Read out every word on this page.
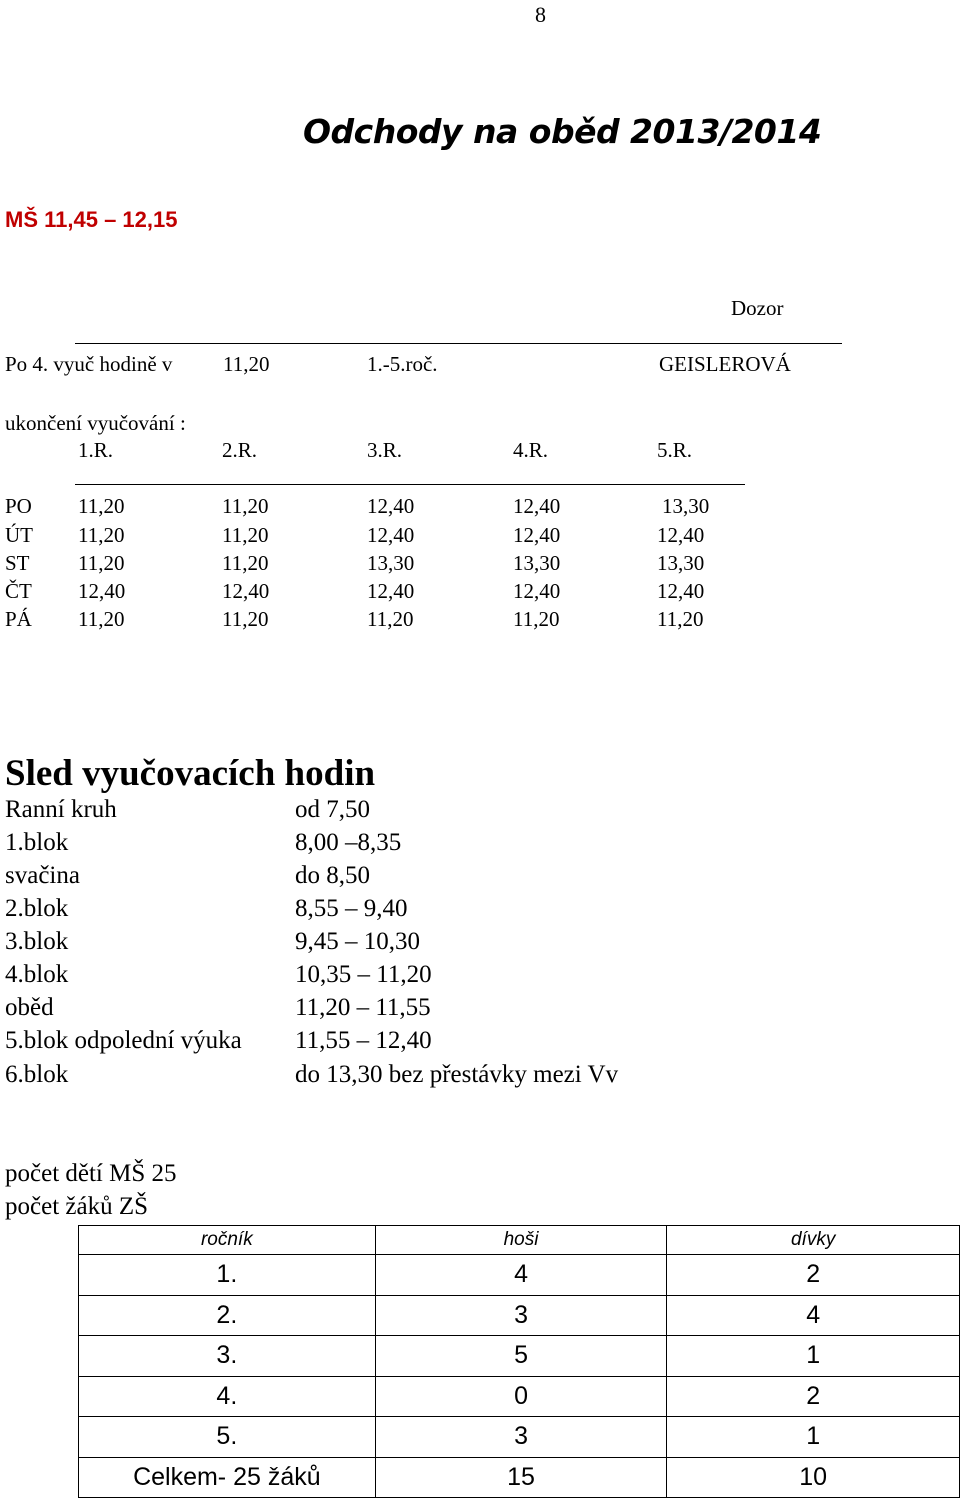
8
Odchody na oběd 2013/2014
MŠ 11,45 – 12,15
Dozor
Po 4. vyuč hodině v 11,20	1.-5.roč.	GEISLEROVÁ
ukončení vyučování :
1.R.	2.R.	3.R.	4.R.	5.R.
PO 11,20	11,20	12,40	12,40	13,30
ÚT 11,20	11,20	12,40	12,40	12,40
ST 11,20	11,20	13,30	13,30	13,30
ČT 12,40	12,40	12,40	12,40	12,40
PÁ 11,20	11,20	11,20	11,20	11,20
Sled vyučovacích hodin
Ranní kruh	od 7,50
1.blok	8,00 –8,35
svačina	do 8,50
2.blok	8,55 – 9,40
3.blok	9,45 – 10,30
4.blok	10,35 – 11,20
oběd	11,20 – 11,55
5.blok odpolední výuka 11,55 – 12,40
6.blok	do 13,30 bez přestávky mezi Vv
počet dětí MŠ 25
počet žáků ZŠ
ročník	hoši	dívky
1.	4	2
2.	3	4
3.	5	1
4.	0	2
5.	3	1
Celkem- 25 žáků	15	10
